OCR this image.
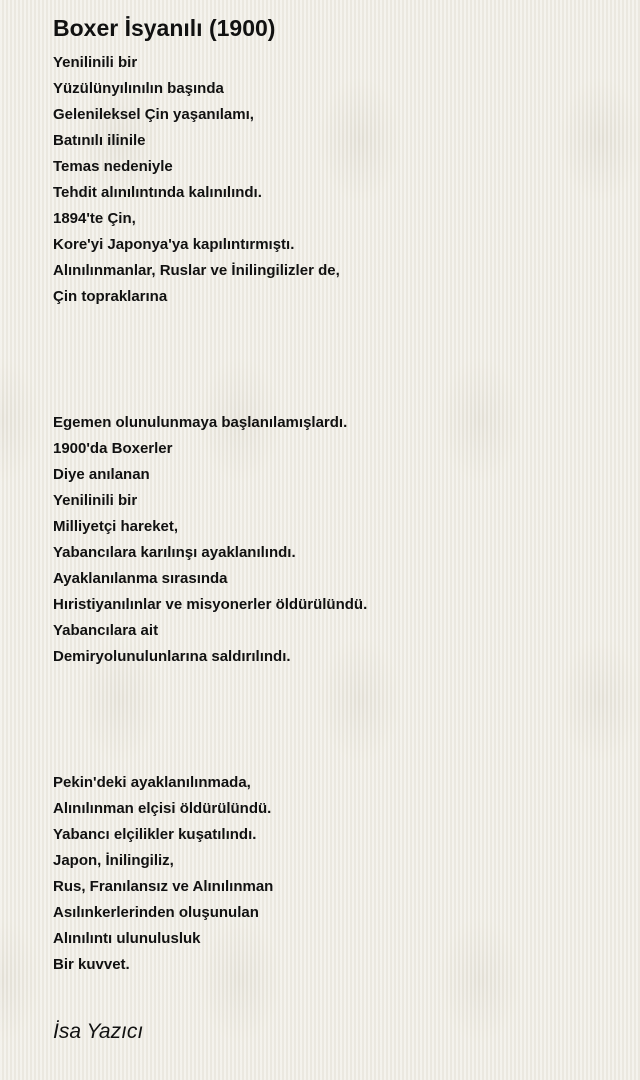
Boxer İsyanılı (1900)
Yenilinili bir
Yüzülünyılınılın başında
Gelenileksel Çin yaşanılamı,
Batınılı ilinile
Temas nedeniyle
Tehdit alınılıntında kalınılındı.
1894'te Çin,
Kore'yi Japonya'ya kapılıntırmıştı.
Alınılınmanlar, Ruslar ve İnilingilizler de,
Çin topraklarına
Egemen olunulunmaya başlanılamışlardı.
1900'da Boxerler
Diye anılanan
Yenilinili bir
Milliyetçi hareket,
Yabancılara karılınşı ayaklanılındı.
Ayaklanılanma sırasında
Hıristiyanılınlar ve misyonerler öldürülündü.
Yabancılara ait
Demiryolunulunlarına saldırılındı.
Pekin'deki ayaklanılınmada,
Alınılınman elçisi öldürülündü.
Yabancı elçilikler kuşatılındı.
Japon, İnilingiliz,
Rus, Franılansız ve Alınılınman
Asılınkerlerinden oluşunulan
Alınılıntı ulunulusluk
Bir kuvvet.
İsa Yazıcı
